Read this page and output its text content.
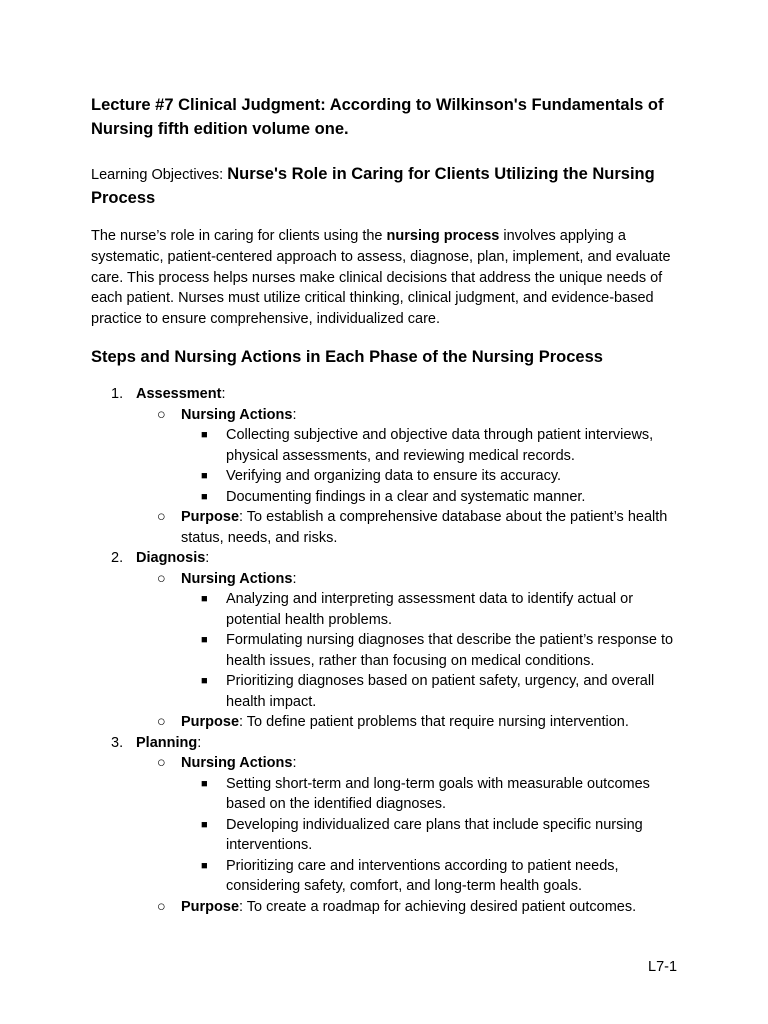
Lecture #7 Clinical Judgment: According to Wilkinson's Fundamentals of Nursing fifth edition volume one.
Learning Objectives: Nurse's Role in Caring for Clients Utilizing the Nursing Process
The nurse’s role in caring for clients using the nursing process involves applying a systematic, patient-centered approach to assess, diagnose, plan, implement, and evaluate care. This process helps nurses make clinical decisions that address the unique needs of each patient. Nurses must utilize critical thinking, clinical judgment, and evidence-based practice to ensure comprehensive, individualized care.
Steps and Nursing Actions in Each Phase of the Nursing Process
1. Assessment:
○ Nursing Actions:
■ Collecting subjective and objective data through patient interviews, physical assessments, and reviewing medical records.
■ Verifying and organizing data to ensure its accuracy.
■ Documenting findings in a clear and systematic manner.
○ Purpose: To establish a comprehensive database about the patient’s health status, needs, and risks.
2. Diagnosis:
○ Nursing Actions:
■ Analyzing and interpreting assessment data to identify actual or potential health problems.
■ Formulating nursing diagnoses that describe the patient’s response to health issues, rather than focusing on medical conditions.
■ Prioritizing diagnoses based on patient safety, urgency, and overall health impact.
○ Purpose: To define patient problems that require nursing intervention.
3. Planning:
○ Nursing Actions:
■ Setting short-term and long-term goals with measurable outcomes based on the identified diagnoses.
■ Developing individualized care plans that include specific nursing interventions.
■ Prioritizing care and interventions according to patient needs, considering safety, comfort, and long-term health goals.
○ Purpose: To create a roadmap for achieving desired patient outcomes.
L7-1
